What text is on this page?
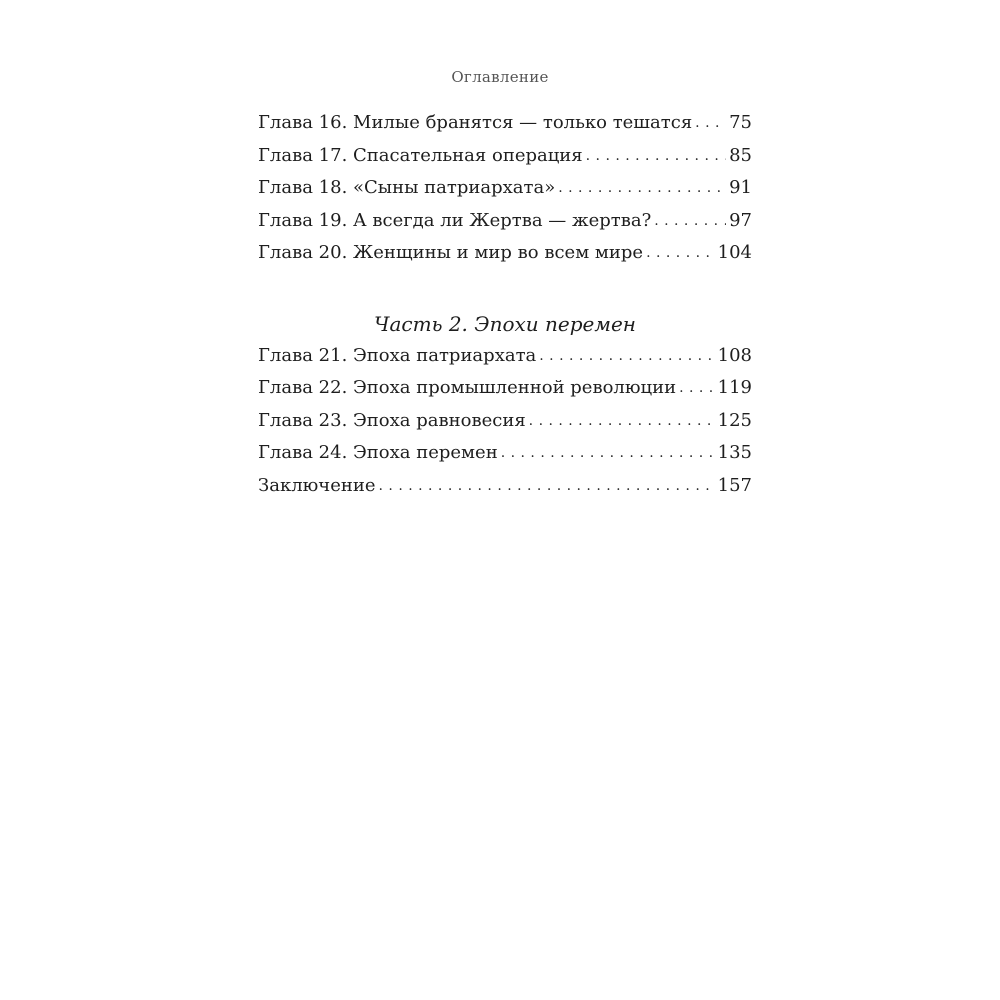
Оглавление
Глава 16. Милые бранятся — только тешатся . . . 75
Глава 17. Спасательная операция . . .	85
Глава 18. «Сыны патриархата» . . .	91
Глава 19. А всегда ли Жертва — жертва? . . .	97
Глава 20. Женщины и мир во всем мире . . .	104
Часть 2. Эпохи перемен
Глава 21. Эпоха патриархата . . .	108
Глава 22. Эпоха промышленной революции . . . 119
Глава 23. Эпоха равновесия . . .	125
Глава 24. Эпоха перемен . . .	135
Заключение . . .	157
